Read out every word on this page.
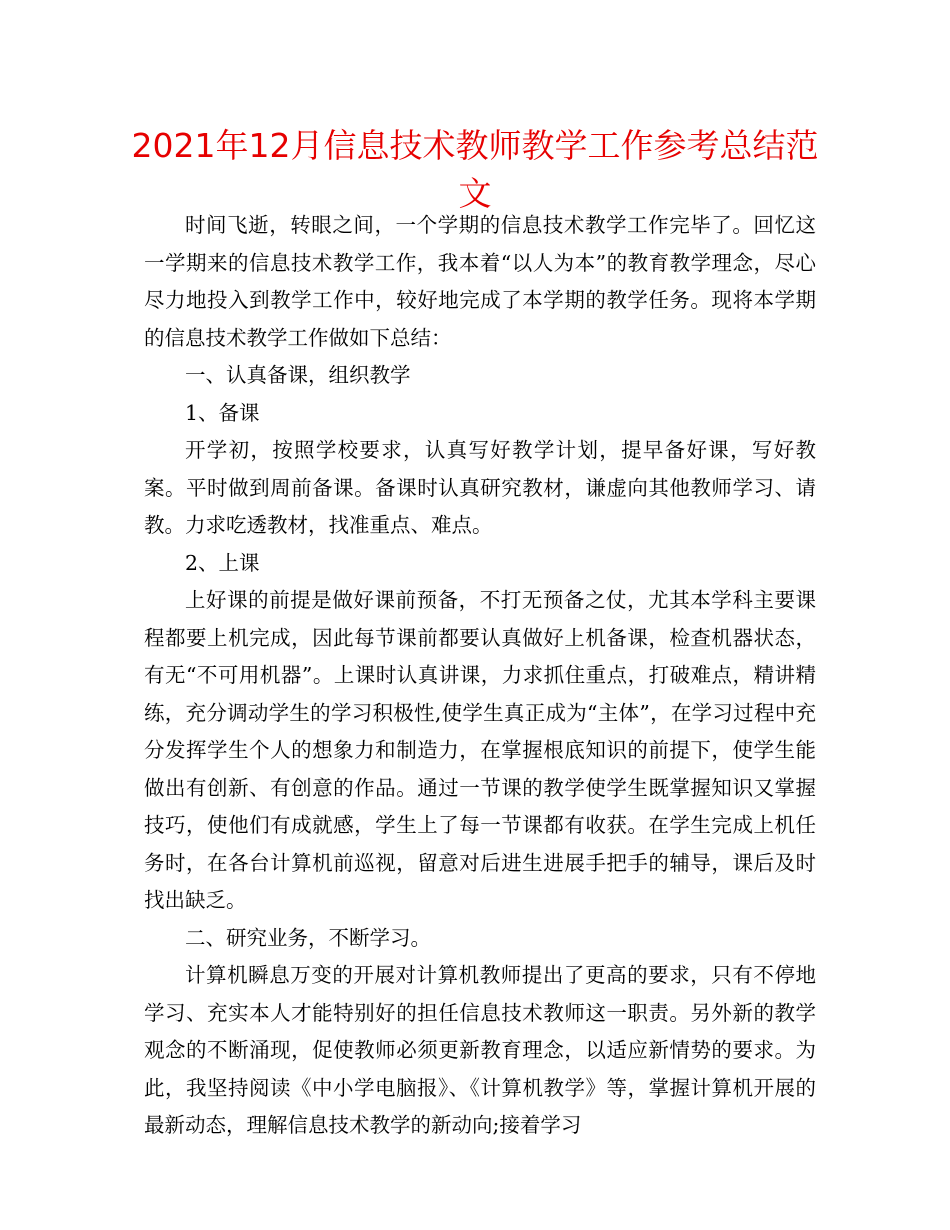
2021年12月信息技术教师教学工作参考总结范文

时间飞逝，转眼之间，一个学期的信息技术教学工作完毕了。回忆这一学期来的信息技术教学工作，我本着“以人为本”的教育教学理念，尽心尽力地投入到教学工作中，较好地完成了本学期的教学任务。现将本学期的信息技术教学工作做如下总结：

一、认真备课，组织教学

1、备课

开学初，按照学校要求，认真写好教学计划，提早备好课，写好教案。平时做到周前备课。备课时认真研究教材，谦虚向其他教师学习、请教。力求吃透教材，找准重点、难点。

2、上课

上好课的前提是做好课前预备，不打无预备之仗，尤其本学科主要课程都要上机完成，因此每节课前都要认真做好上机备课，检查机器状态，有无“不可用机器”。上课时认真讲课，力求抓住重点，打破难点，精讲精练，充分调动学生的学习积极性,使学生真正成为“主体”，在学习过程中充分发挥学生个人的想象力和制造力，在掌握根底知识的前提下，使学生能做出有创新、有创意的作品。通过一节课的教学使学生既掌握知识又掌握技巧，使他们有成就感，学生上了每一节课都有收获。在学生完成上机任务时，在各台计算机前巡视，留意对后进生进展手把手的辅导，课后及时找出缺乏。

二、研究业务，不断学习。

计算机瞬息万变的开展对计算机教师提出了更高的要求，只有不停地学习、充实本人才能特别好的担任信息技术教师这一职责。另外新的教学观念的不断涌现，促使教师必须更新教育理念，以适应新情势的要求。为此，我坚持阅读《中小学电脑报》、《计算机教学》等，掌握计算机开展的最新动态，理解信息技术教学的新动向;接着学习
